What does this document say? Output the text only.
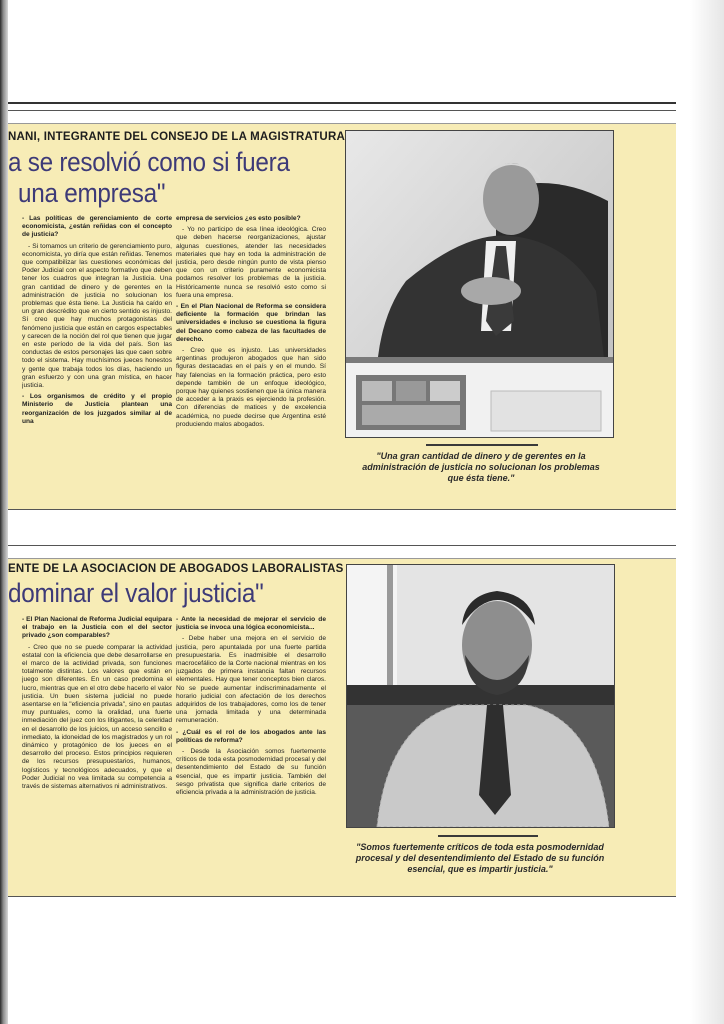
NANI, INTEGRANTE DEL CONSEJO DE LA MAGISTRATURA
a se resolvió como si fuera
una empresa"

- Las políticas de gerenciamiento de corte economicista, ¿están reñidas con el concepto de justicia?

- Si tomamos un criterio de gerenciamiento puro, economicista, yo diría que están reñidas. Tenemos que compatibilizar las cuestiones económicas del Poder Judicial con el aspecto formativo que deben tener los cuadros que integran la Justicia. Una gran cantidad de dinero y de gerentes en la administración de justicia no solucionan los problemas que ésta tiene. La Justicia ha caído en un gran descrédito que en cierto sentido es injusto. Sí creo que hay muchos protagonistas del fenómeno justicia que están en cargos espectables y carecen de la noción del rol que tienen que jugar en este período de la vida del país. Son las conductas de estos personajes las que caen sobre todo el sistema. Hay muchísimos jueces honestos y gente que trabaja todos los días, haciendo un gran esfuerzo y con una gran mística, en hacer justicia.

- Los organismos de crédito y el propio Ministerio de Justicia plantean una reorganización de los juzgados similar al de una

empresa de servicios ¿es esto posible?

- Yo no participo de esa línea ideológica. Creo que deben hacerse reorganizaciones, ajustar algunas cuestiones, atender las necesidades materiales que hay en toda la administración de justicia, pero desde ningún punto de vista pienso que con un criterio puramente economicista podamos resolver los problemas de la justicia. Históricamente nunca se resolvió esto como si fuera una empresa.

- En el Plan Nacional de Reforma se considera deficiente la formación que brindan las universidades e incluso se cuestiona la figura del Decano como cabeza de las facultades de derecho.

- Creo que es injusto. Las universidades argentinas produjeron abogados que han sido figuras destacadas en el país y en el mundo. Sí hay falencias en la formación práctica, pero esto depende también de un enfoque ideológico, porque hay quienes sostienen que la única manera de acceder a la praxis es ejerciendo la profesión. Con diferencias de matices y de excelencia académica, no puede decirse que Argentina esté produciendo malos abogados.

"Una gran cantidad de dinero y de gerentes en la administración de justicia no solucionan los problemas que ésta tiene."
ENTE DE LA ASOCIACION DE ABOGADOS LABORALISTAS
dominar el valor justicia"

- El Plan Nacional de Reforma Judicial equipara el trabajo en la Justicia con el del sector privado ¿son comparables?

- Creo que no se puede comparar la actividad estatal con la eficiencia que debe desarrollarse en el marco de la actividad privada, son funciones totalmente distintas. Los valores que están en juego son diferentes. En un caso predomina el lucro, mientras que en el otro debe hacerlo el valor justicia. Un buen sistema judicial no puede asentarse en la "eficiencia privada", sino en pautas muy puntuales, como la oralidad, una fuerte inmediación del juez con los litigantes, la celeridad en el desarrollo de los juicios, un acceso sencillo e inmediato, la idoneidad de los magistrados y un rol dinámico y protagónico de los jueces en el desarrollo del proceso. Estos principios requieren de los recursos presupuestarios, humanos, logísticos y tecnológicos adecuados, y que el Poder Judicial no vea limitada su competencia a través de sistemas alternativos ni administrativos.

- Ante la necesidad de mejorar el servicio de justicia se invoca una lógica economicista...

- Debe haber una mejora en el servicio de justicia, pero apuntalada por una fuerte partida presupuestaria. Es inadmisible el desarrollo macrocefálico de la Corte nacional mientras en los juzgados de primera instancia faltan recursos elementales. Hay que tener conceptos bien claros. No se puede aumentar indiscriminadamente el horario judicial con afectación de los derechos adquiridos de los trabajadores, como los de tener una jornada limitada y una determinada remuneración.

- ¿Cuál es el rol de los abogados ante las políticas de reforma?

- Desde la Asociación somos fuertemente críticos de toda esta posmodernidad procesal y del desentendimiento del Estado de su función esencial, que es impartir justicia. También del sesgo privatista que significa darle criterios de eficiencia privada a la administración de justicia.

"Somos fuertemente críticos de toda esta posmodernidad procesal y del desentendimiento del Estado de su función esencial, que es impartir justicia."
